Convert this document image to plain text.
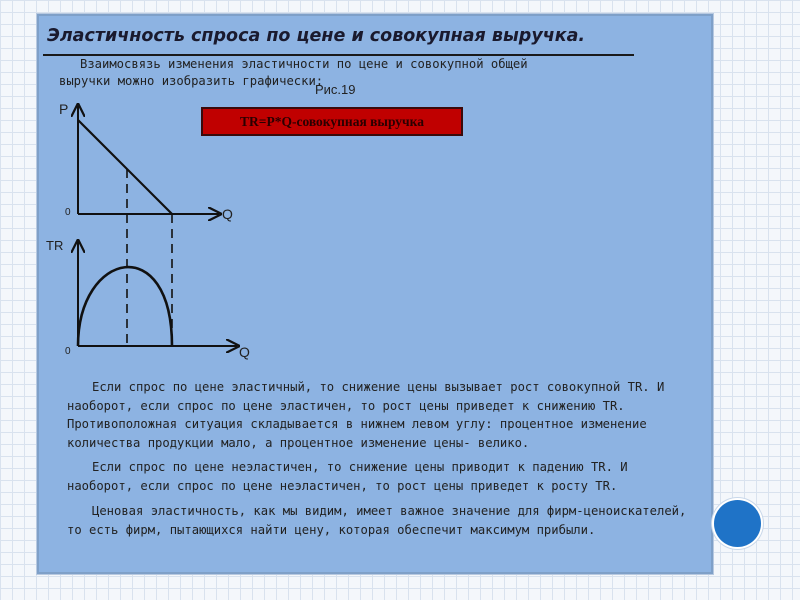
Эластичность спроса по цене и совокупная выручка.
Взаимосвязь изменения эластичности по цене и совокупной общей выручки можно изобразить графически:
Рис.19
TR=P*Q-совокупная выручка
P
Q
0
TR
Q
0
Если спрос по цене эластичный, то снижение цены вызывает рост совокупной TR. И наоборот, если спрос по цене эластичен, то рост цены приведет к снижению TR. Противоположная ситуация складывается в нижнем левом углу: процентное изменение количества продукции мало, а процентное изменение цены- велико.
Если спрос по цене неэластичен, то снижение цены приводит к падению TR. И наоборот, если спрос по цене неэластичен, то рост цены приведет к росту TR.
Ценовая эластичность, как мы видим, имеет важное значение для фирм-ценоискателей, то есть фирм, пытающихся найти цену, которая обеспечит максимум прибыли.
